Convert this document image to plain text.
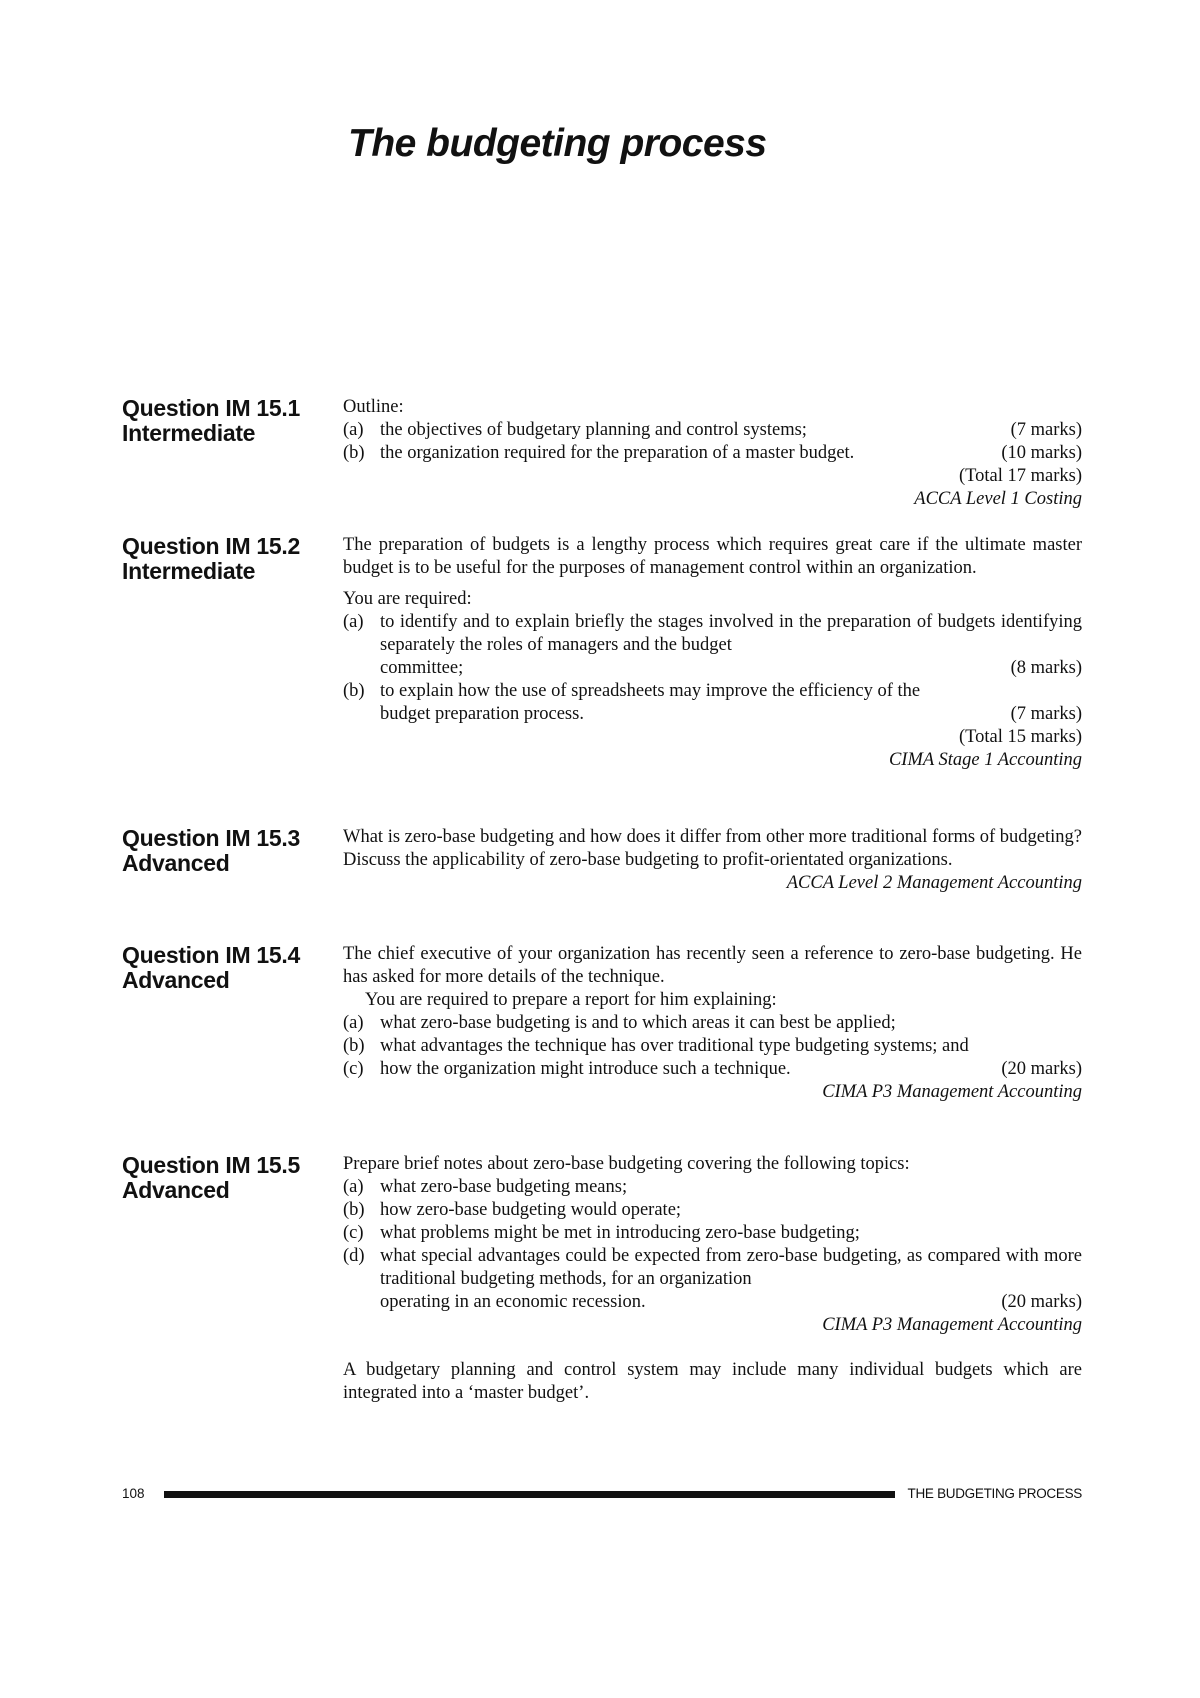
The budgeting process
Question IM 15.1
Intermediate

Outline:

(a) the objectives of budgetary planning and control systems;	(7 marks)
(b) the organization required for the preparation of a master budget.	(10 marks)

(Total 17 marks)

ACCA Level 1 Costing

Question IM 15.2
Intermediate

The preparation of budgets is a lengthy process which requires great care if the ultimate master budget is to be useful for the purposes of management control within an organization.

You are required:

(a) to identify and to explain briefly the stages involved in the preparation of budgets identifying separately the roles of managers and the budget
committee;	(8 marks)
(b) to explain how the use of spreadsheets may improve the efficiency of the
budget preparation process.	(7 marks)

(Total 15 marks)

CIMA Stage 1 Accounting

Question IM 15.3
Advanced

What is zero-base budgeting and how does it differ from other more traditional forms of budgeting? Discuss the applicability of zero-base budgeting to profit-orientated organizations.

ACCA Level 2 Management Accounting

Question IM 15.4
Advanced

The chief executive of your organization has recently seen a reference to zero-base budgeting. He has asked for more details of the technique.

You are required to prepare a report for him explaining:

(a) what zero-base budgeting is and to which areas it can best be applied;
(b) what advantages the technique has over traditional type budgeting systems; and
(c) how the organization might introduce such a technique.	(20 marks)

CIMA P3 Management Accounting

Question IM 15.5
Advanced

Prepare brief notes about zero-base budgeting covering the following topics:

(a) what zero-base budgeting means;
(b) how zero-base budgeting would operate;
(c) what problems might be met in introducing zero-base budgeting;
(d) what special advantages could be expected from zero-base budgeting, as compared with more traditional budgeting methods, for an organization
operating in an economic recession.	(20 marks)

CIMA P3 Management Accounting

A budgetary planning and control system may include many individual budgets which are integrated into a ‘master budget’.

108	THE BUDGETING PROCESS
